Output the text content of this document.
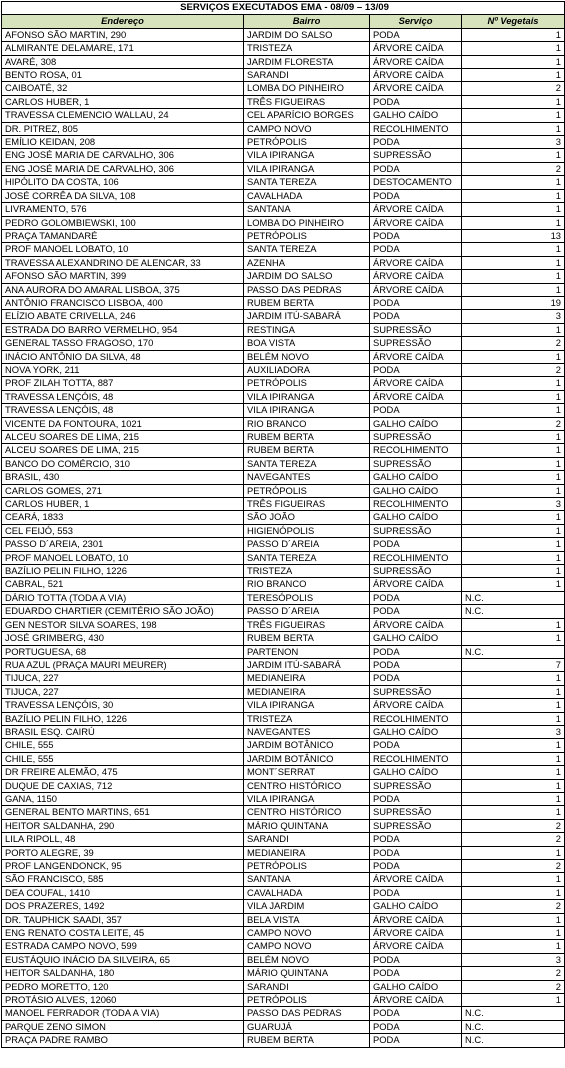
SERVIÇOS EXECUTADOS EMA - 08/09 – 13/09			
Endereço	Bairro	Serviço	Nº Vegetais
AFONSO SÃO MARTIN, 290	JARDIM DO SALSO	PODA	1
ALMIRANTE DELAMARE, 171	TRISTEZA	ÁRVORE CAÍDA	1
AVARÉ, 308	JARDIM FLORESTA	ÁRVORE CAÍDA	1
BENTO ROSA, 01	SARANDI	ÁRVORE CAÍDA	1
CAIBOATÉ, 32	LOMBA DO PINHEIRO	ÁRVORE CAÍDA	2
CARLOS HUBER, 1	TRÊS FIGUEIRAS	PODA	1
TRAVESSA CLEMENCIO WALLAU, 24	CEL APARÍCIO BORGES	GALHO CAÍDO	1
DR. PITREZ, 805	CAMPO NOVO	RECOLHIMENTO	1
EMÍLIO KEIDAN, 208	PETRÓPOLIS	PODA	3
ENG JOSÉ MARIA DE CARVALHO, 306	VILA IPIRANGA	SUPRESSÃO	1
ENG JOSÉ MARIA DE CARVALHO, 306	VILA IPIRANGA	PODA	2
HIPÓLITO DA COSTA, 106	SANTA TEREZA	DESTOCAMENTO	1
JOSÉ CORRÊA DA SILVA, 108	CAVALHADA	PODA	1
LIVRAMENTO, 576	SANTANA	ÁRVORE CAÍDA	1
PEDRO GOLOMBIEWSKI, 100	LOMBA DO PINHEIRO	ÁRVORE CAÍDA	1
PRAÇA TAMANDARÉ	PETRÓPOLIS	PODA	13
PROF MANOEL LOBATO, 10	SANTA TEREZA	PODA	1
TRAVESSA ALEXANDRINO DE ALENCAR, 33	AZENHA	ÁRVORE CAÍDA	1
AFONSO SÃO MARTIN, 399	JARDIM DO SALSO	ÁRVORE CAÍDA	1
ANA AURORA DO AMARAL LISBOA, 375	PASSO DAS PEDRAS	ÁRVORE CAÍDA	1
ANTÔNIO FRANCISCO LISBOA, 400	RUBEM BERTA	PODA	19
ELÍZIO ABATE CRIVELLA, 246	JARDIM ITÚ-SABARÁ	PODA	3
ESTRADA DO BARRO VERMELHO, 954	RESTINGA	SUPRESSÃO	1
GENERAL TASSO FRAGOSO, 170	BOA VISTA	SUPRESSÃO	2
INÁCIO ANTÔNIO DA SILVA, 48	BELÉM NOVO	ÁRVORE CAÍDA	1
NOVA YORK, 211	AUXILIADORA	PODA	2
PROF ZILAH TOTTA, 887	PETRÓPOLIS	ÁRVORE CAÍDA	1
TRAVESSA LENÇÓIS, 48	VILA IPIRANGA	ÁRVORE CAÍDA	1
TRAVESSA LENÇÓIS, 48	VILA IPIRANGA	PODA	1
VICENTE DA FONTOURA, 1021	RIO BRANCO	GALHO CAÍDO	2
ALCEU SOARES DE LIMA, 215	RUBEM BERTA	SUPRESSÃO	1
ALCEU SOARES DE LIMA, 215	RUBEM BERTA	RECOLHIMENTO	1
BANCO DO COMÉRCIO, 310	SANTA TEREZA	SUPRESSÃO	1
BRASIL, 430	NAVEGANTES	GALHO CAÍDO	1
CARLOS GOMES, 271	PETRÓPOLIS	GALHO CAÍDO	1
CARLOS HUBER, 1	TRÊS FIGUEIRAS	RECOLHIMENTO	3
CEARÁ, 1833	SÃO JOÃO	GALHO CAÍDO	1
CEL FEIJÓ, 553	HIGIENÓPOLIS	SUPRESSÃO	1
PASSO D´AREIA, 2301	PASSO D´AREIA	PODA	1
PROF MANOEL LOBATO, 10	SANTA TEREZA	RECOLHIMENTO	1
BAZÍLIO PELIN FILHO, 1226	TRISTEZA	SUPRESSÃO	1
CABRAL, 521	RIO BRANCO	ÁRVORE CAÍDA	1
DÁRIO TOTTA (TODA A VIA)	TERESÓPOLIS	PODA	N.C.
EDUARDO CHARTIER (CEMITÉRIO SÃO JOÃO)	PASSO D´AREIA	PODA	N.C.
GEN NESTOR SILVA SOARES, 198	TRÊS FIGUEIRAS	ÁRVORE CAÍDA	1
JOSÉ GRIMBERG, 430	RUBEM BERTA	GALHO CAÍDO	1
PORTUGUESA, 68	PARTENON	PODA	N.C.
RUA AZUL (PRAÇA MAURI MEURER)	JARDIM ITÚ-SABARÁ	PODA	7
TIJUCA, 227	MEDIANEIRA	PODA	1
TIJUCA, 227	MEDIANEIRA	SUPRESSÃO	1
TRAVESSA LENÇÓIS, 30	VILA IPIRANGA	ÁRVORE CAÍDA	1
BAZÍLIO PELIN FILHO, 1226	TRISTEZA	RECOLHIMENTO	1
BRASIL ESQ. CAIRÚ	NAVEGANTES	GALHO CAÍDO	3
CHILE, 555	JARDIM BOTÂNICO	PODA	1
CHILE, 555	JARDIM BOTÂNICO	RECOLHIMENTO	1
DR FREIRE ALEMÃO, 475	MONT´SERRAT	GALHO CAÍDO	1
DUQUE DE CAXIAS, 712	CENTRO HISTÓRICO	SUPRESSÃO	1
GANA, 1150	VILA IPIRANGA	PODA	1
GENERAL BENTO MARTINS, 651	CENTRO HISTÓRICO	SUPRESSÃO	1
HEITOR SALDANHA, 290	MÁRIO QUINTANA	SUPRESSÃO	2
LILA RIPOLL, 48	SARANDI	PODA	2
PORTO ALEGRE, 39	MEDIANEIRA	PODA	1
PROF LANGENDONCK, 95	PETRÓPOLIS	PODA	2
SÃO FRANCISCO, 585	SANTANA	ÁRVORE CAÍDA	1
DEA COUFAL, 1410	CAVALHADA	PODA	1
DOS PRAZERES, 1492	VILA JARDIM	GALHO CAÍDO	2
DR. TAUPHICK SAADI, 357	BELA VISTA	ÁRVORE CAÍDA	1
ENG RENATO COSTA LEITE, 45	CAMPO NOVO	ÁRVORE CAÍDA	1
ESTRADA CAMPO NOVO, 599	CAMPO NOVO	ÁRVORE CAÍDA	1
EUSTÁQUIO INÁCIO DA SILVEIRA, 65	BELÉM NOVO	PODA	3
HEITOR SALDANHA, 180	MÁRIO QUINTANA	PODA	2
PEDRO MORETTO, 120	SARANDI	GALHO CAÍDO	2
PROTÁSIO ALVES, 12060	PETRÓPOLIS	ÁRVORE CAÍDA	1
MANOEL FERRADOR (TODA A VIA)	PASSO DAS PEDRAS	PODA	N.C.
PARQUE ZENO SIMON	GUARUJÁ	PODA	N.C.
PRAÇA PADRE RAMBO	RUBEM BERTA	PODA	N.C.
